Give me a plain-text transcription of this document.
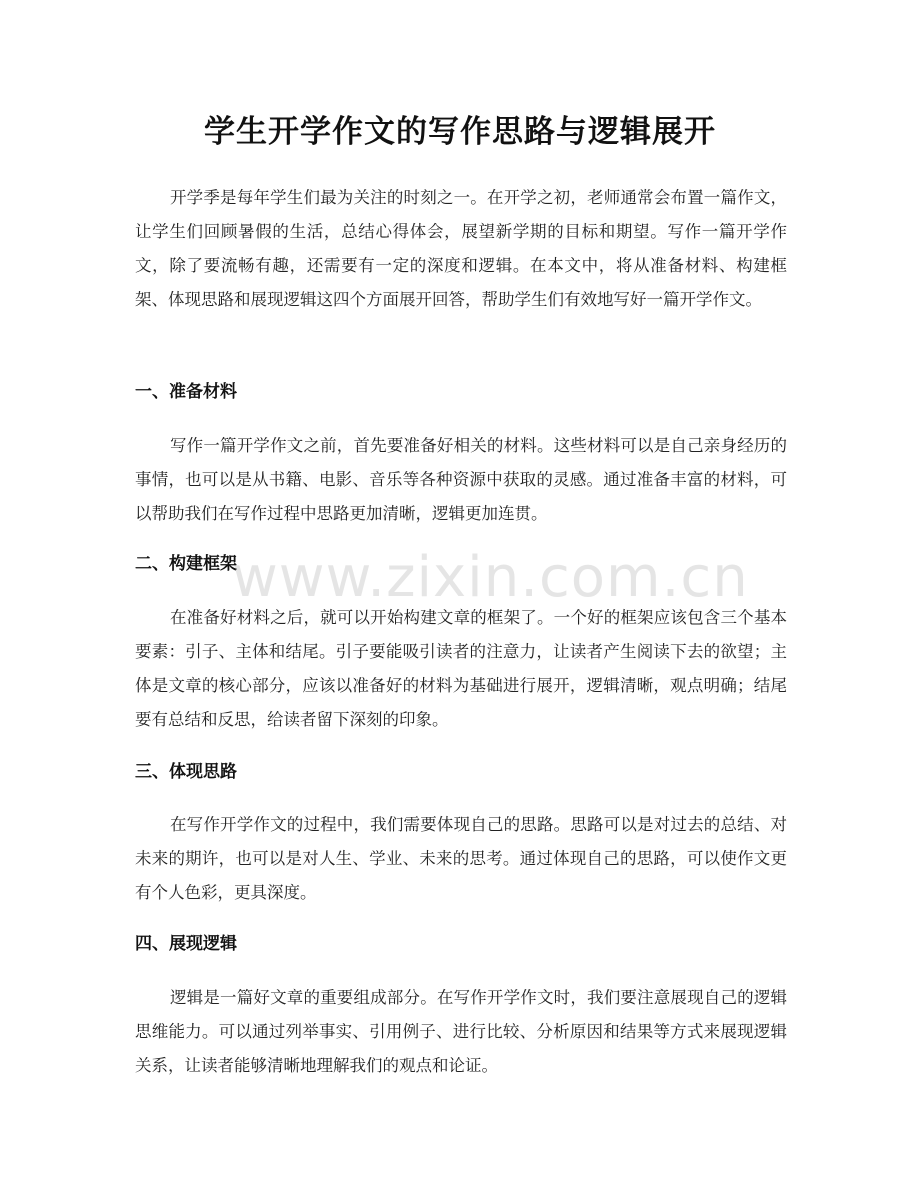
学生开学作文的写作思路与逻辑展开

开学季是每年学生们最为关注的时刻之一。在开学之初，老师通常会布置一篇作文，让学生们回顾暑假的生活，总结心得体会，展望新学期的目标和期望。写作一篇开学作文，除了要流畅有趣，还需要有一定的深度和逻辑。在本文中，将从准备材料、构建框架、体现思路和展现逻辑这四个方面展开回答，帮助学生们有效地写好一篇开学作文。

一、准备材料

写作一篇开学作文之前，首先要准备好相关的材料。这些材料可以是自己亲身经历的事情，也可以是从书籍、电影、音乐等各种资源中获取的灵感。通过准备丰富的材料，可以帮助我们在写作过程中思路更加清晰，逻辑更加连贯。

二、构建框架

在准备好材料之后，就可以开始构建文章的框架了。一个好的框架应该包含三个基本要素：引子、主体和结尾。引子要能吸引读者的注意力，让读者产生阅读下去的欲望；主体是文章的核心部分，应该以准备好的材料为基础进行展开，逻辑清晰，观点明确；结尾要有总结和反思，给读者留下深刻的印象。

三、体现思路

在写作开学作文的过程中，我们需要体现自己的思路。思路可以是对过去的总结、对未来的期许，也可以是对人生、学业、未来的思考。通过体现自己的思路，可以使作文更有个人色彩，更具深度。

四、展现逻辑

逻辑是一篇好文章的重要组成部分。在写作开学作文时，我们要注意展现自己的逻辑思维能力。可以通过列举事实、引用例子、进行比较、分析原因和结果等方式来展现逻辑关系，让读者能够清晰地理解我们的观点和论证。

www.zixin.com.cn
